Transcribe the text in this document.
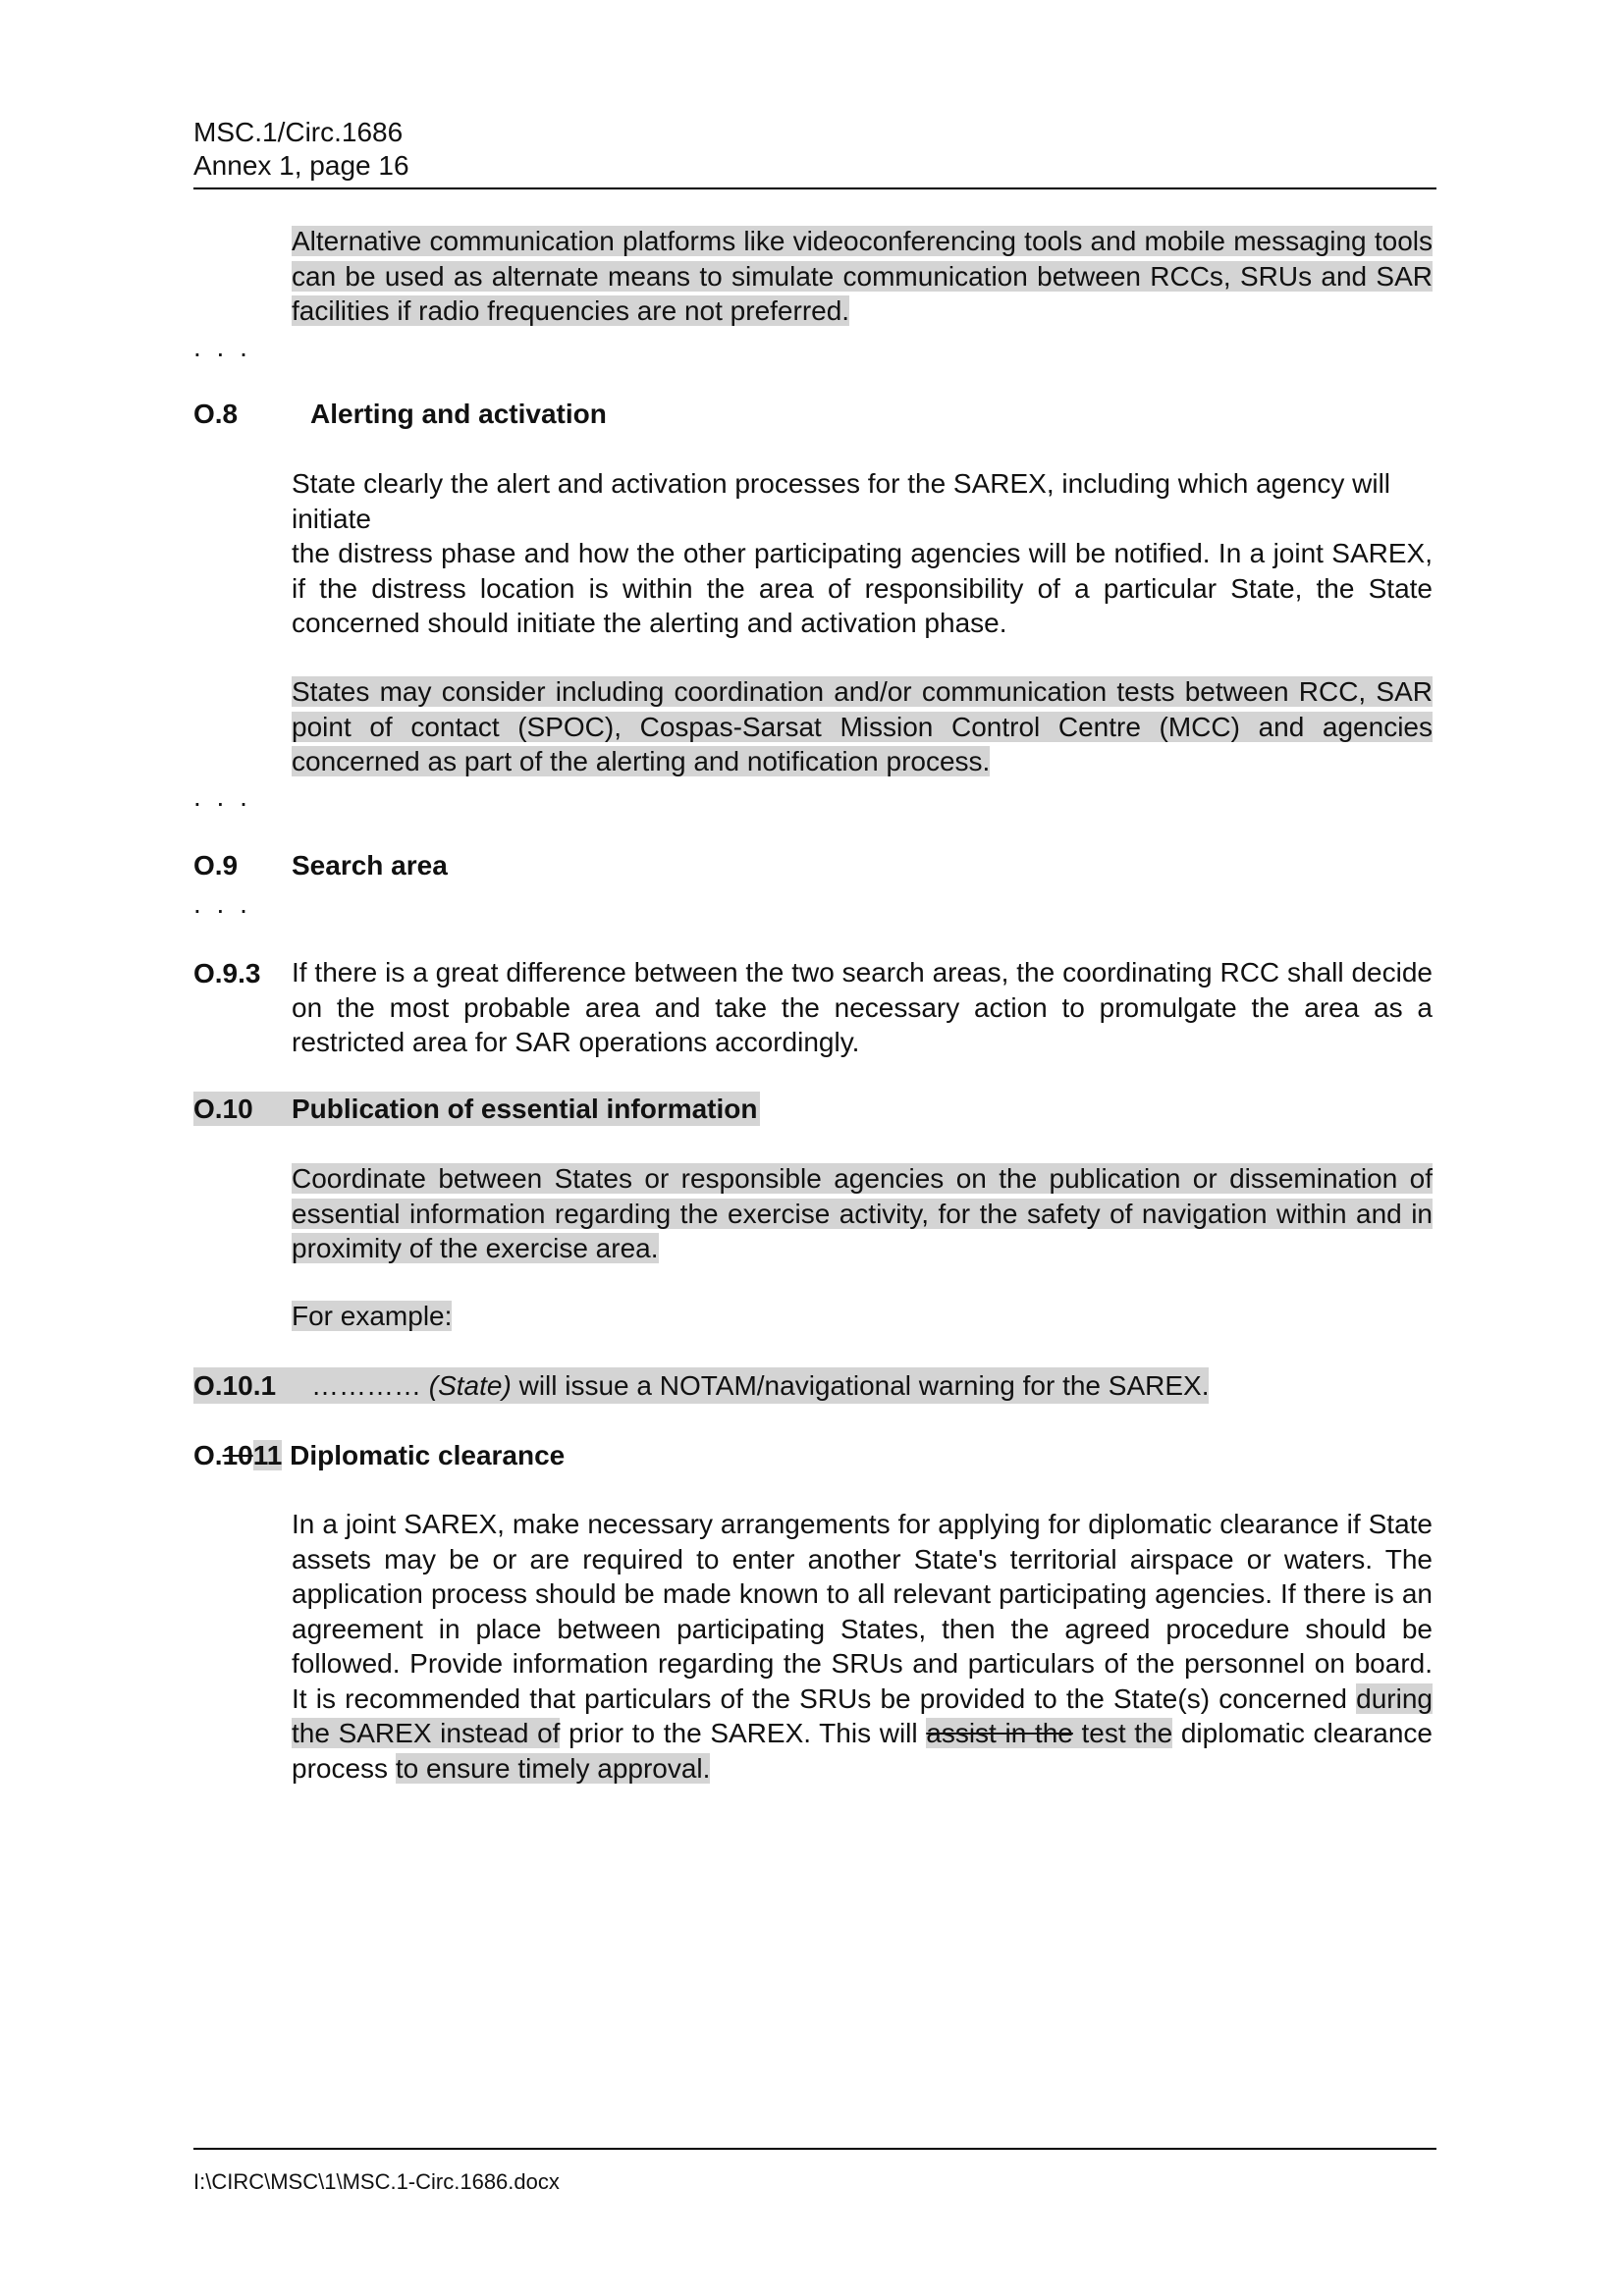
MSC.1/Circ.1686
Annex 1, page 16
Alternative communication platforms like videoconferencing tools and mobile messaging tools can be used as alternate means to simulate communication between RCCs, SRUs and SAR facilities if radio frequencies are not preferred.
. . .
O.8	Alerting and activation
State clearly the alert and activation processes for the SAREX, including which agency will initiate
the distress phase and how the other participating agencies will be notified. In a joint SAREX, if the distress location is within the area of responsibility of a particular State, the State concerned should initiate the alerting and activation phase.
States may consider including coordination and/or communication tests between RCC, SAR point of contact (SPOC), Cospas-Sarsat Mission Control Centre (MCC) and agencies concerned as part of the alerting and notification process.
. . .
O.9 Search area
. . .
O.9.3 If there is a great difference between the two search areas, the coordinating RCC shall decide on the most probable area and take the necessary action to promulgate the area as a restricted area for SAR operations accordingly.
O.10 Publication of essential information
Coordinate between States or responsible agencies on the publication or dissemination of essential information regarding the exercise activity, for the safety of navigation within and in proximity of the exercise area.
For example:
O.10.1 ………… (State) will issue a NOTAM/navigational warning for the SAREX.
O.1011 Diplomatic clearance
In a joint SAREX, make necessary arrangements for applying for diplomatic clearance if State assets may be or are required to enter another State's territorial airspace or waters. The application process should be made known to all relevant participating agencies. If there is an agreement in place between participating States, then the agreed procedure should be followed. Provide information regarding the SRUs and particulars of the personnel on board. It is recommended that particulars of the SRUs be provided to the State(s) concerned during the SAREX instead of prior to the SAREX. This will assist in the test the diplomatic clearance process to ensure timely approval.
I:\CIRC\MSC\1\MSC.1-Circ.1686.docx
